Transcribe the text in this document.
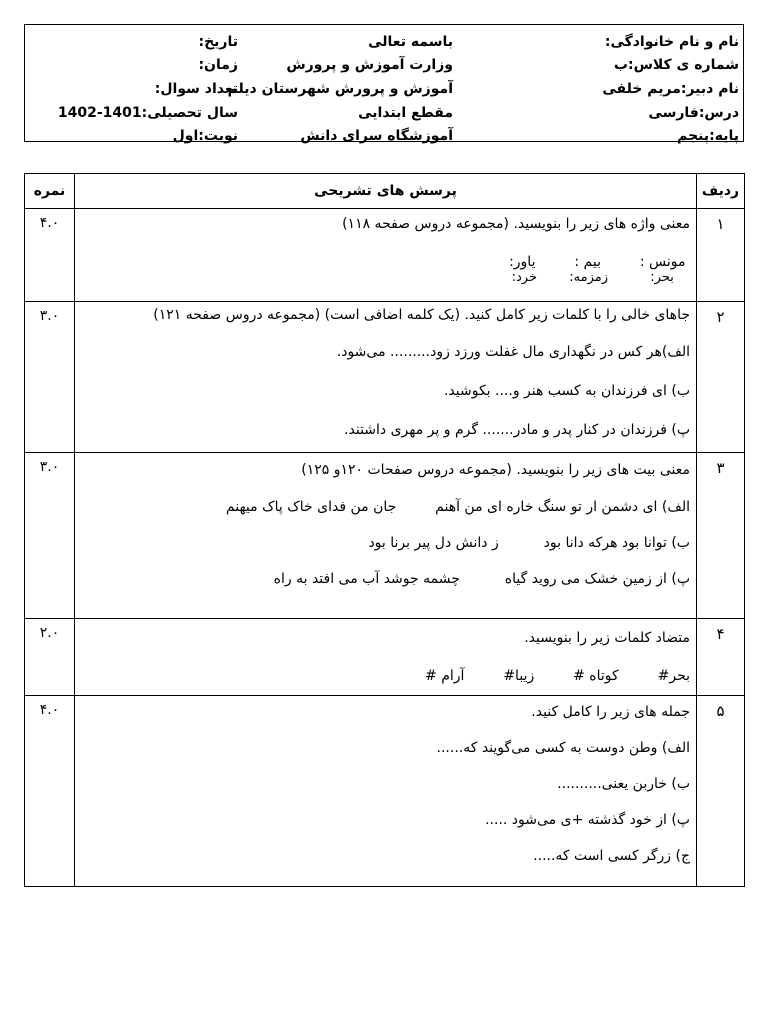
نام و نام خانوادگی:
شماره ی کلاس:ب
نام دبیر:مریم خلفی
درس:فارسی
پایه:پنجم
باسمه تعالی
وزارت آموزش و پرورش
آموزش و پرورش شهرستان دیلم
مقطع ابتدایی
آموزشگاه سرای دانش
تاریخ:
زمان:
تعداد سوال:
سال تحصیلی:1401-1402
نوبت:اول
ردیف	پرسش های تشریحی	نمره
۱	معنی واژه های زیر را بنویسید. (مجموعه دروس صفحه ۱۱۸)
مونس :  بیم :  یاور:
بحر:  زمزمه:  خرد:	۴.۰
۲	جاهای خالی را با کلمات زیر کامل کنید. (یک کلمه اضافی است) (مجموعه دروس صفحه ۱۲۱)
الف)هر کس در نگهداری مال غفلت ورزد زود......... می‌شود.
ب) ای فرزندان به کسب هنر و.... بکوشید.
پ) فرزندان در کنار پدر و مادر....... گرم و پر مهری داشتند.	۳.۰
۳	معنی بیت های زیر را بنویسید. (مجموعه دروس صفحات ۱۲۰و ۱۲۵)
الف) ای دشمن ار تو سنگ خاره ای من آهنم  جان من فدای خاک پاک میهنم
ب) توانا بود هرکه دانا بود  ز دانش دل پیر برنا بود
پ) از زمین خشک می روید گیاه  چشمه جوشد آب می افتد به راه	۳.۰
۴	متضاد کلمات زیر را بنویسید.
بحر#  کوتاه #  زیبا#  آرام #	۲.۰
۵	جمله های زیر را کامل کنید.
الف) وطن دوست به کسی می‌گویند که......
ب) خاربن یعنی..........
پ) از خود گذشته +ی می‌شود .....
ج) زرگر کسی است که.....	۴.۰
